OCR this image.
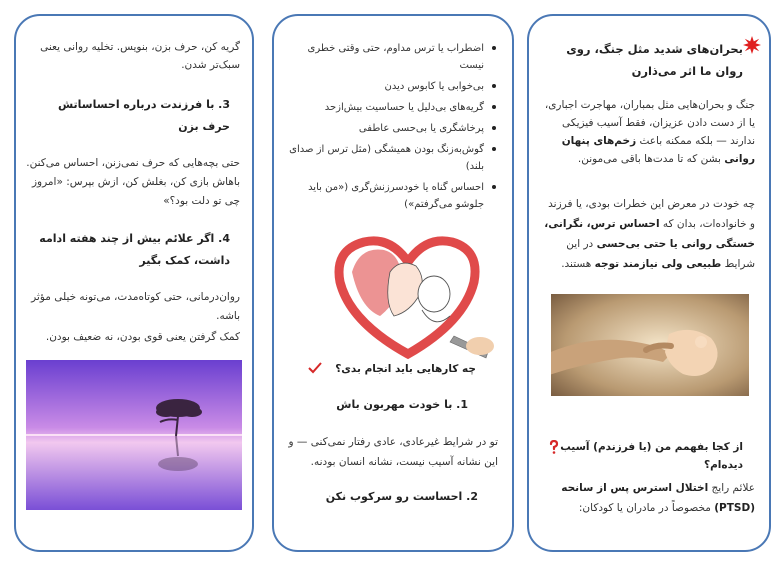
بحران‌های شدید مثل جنگ، روی روان ما اثر می‌ذارن
جنگ و بحران‌هایی مثل بمباران، مهاجرت اجباری، یا از دست دادن عزیزان، فقط آسیب فیزیکی ندارند — بلکه ممکنه باعث زخم‌های پنهان روانی بشن که تا مدت‌ها باقی می‌مونن.
چه خودت در معرض این خطرات بودی، یا فرزند و خانواده‌ات، بدان که احساس ترس، نگرانی، خستگی روانی یا حتی بی‌حسی در این شرایط طبیعی ولی نیازمند توجه هستند.
از کجا بفهمم من (یا فرزندم) آسیب دیده‌ام؟
علائم رایج اختلال استرس پس از سانحه (PTSD) مخصوصاً در مادران یا کودکان:
اضطراب یا ترس مداوم، حتی وقتی خطری نیست
بی‌خوابی یا کابوس دیدن
گریه‌های بی‌دلیل یا حساسیت بیش‌ازحد
پرخاشگری یا بی‌حسی عاطفی
گوش‌به‌زنگ بودن همیشگی (مثل ترس از صدای بلند)
احساس گناه یا خودسرزنش‌گری («من باید جلوشو می‌گرفتم»)
چه کارهایی باید انجام بدی؟
1. با خودت مهربون باش
تو در شرایط غیرعادی، عادی رفتار نمی‌کنی — و این نشانه آسیب نیست، نشانه انسان بودنه.
2. احساست رو سرکوب نکن
گریه کن، حرف بزن، بنویس. تخلیه روانی یعنی سبک‌تر شدن.
3. با فرزندت درباره احساساتش حرف بزن
حتی بچه‌هایی که حرف نمی‌زنن، احساس می‌کنن. باهاش بازی کن، بغلش کن، ازش بپرس: «امروز چی تو دلت بود؟»
4. اگر علائم بیش از چند هفته ادامه داشت، کمک بگیر
روان‌درمانی، حتی کوتاه‌مدت، می‌تونه خیلی مؤثر باشه.
کمک گرفتن یعنی قوی بودن، نه ضعیف بودن.
